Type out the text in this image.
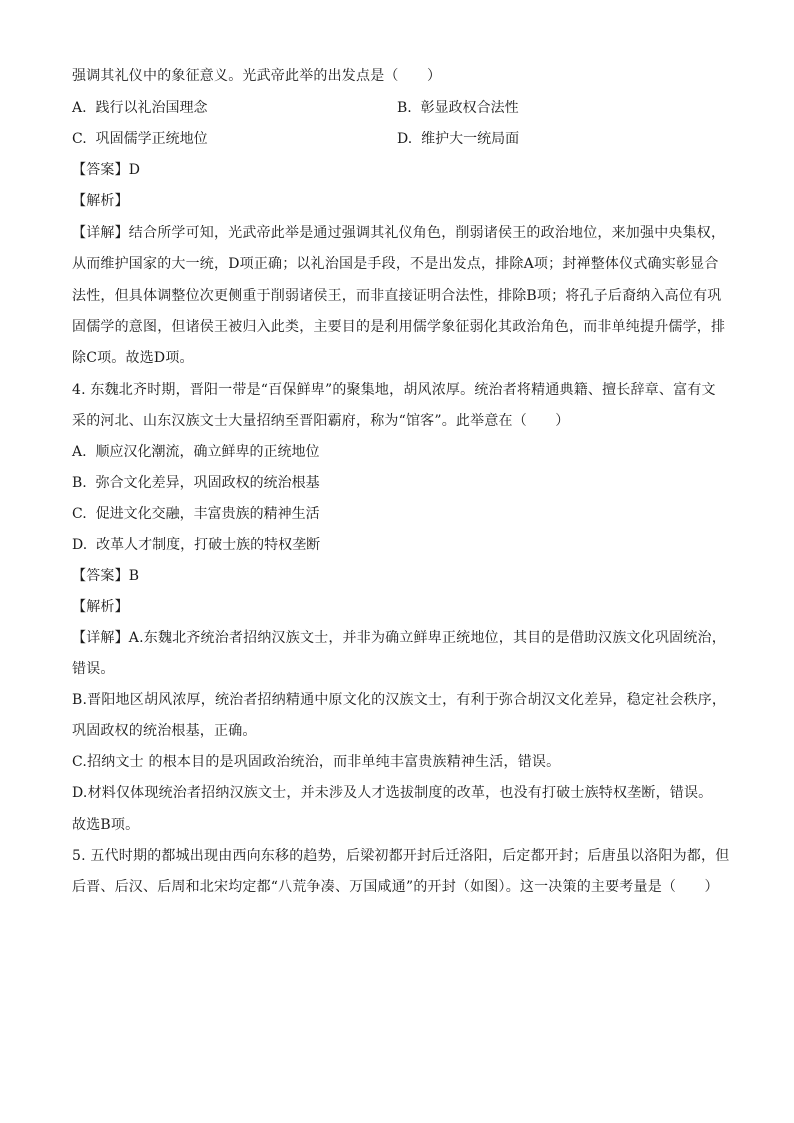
强调其礼仪中的象征意义。光武帝此举的出发点是（　　）
A. 践行以礼治国理念	B. 彰显政权合法性
C. 巩固儒学正统地位	D. 维护大一统局面
【答案】D
【解析】
【详解】结合所学可知，光武帝此举是通过强调其礼仪角色，削弱诸侯王的政治地位，来加强中央集权，
从而维护国家的大一统，D项正确；以礼治国是手段，不是出发点，排除A项；封禅整体仪式确实彰显合
法性，但具体调整位次更侧重于削弱诸侯王，而非直接证明合法性，排除B项；将孔子后裔纳入高位有巩
固儒学的意图，但诸侯王被归入此类，主要目的是利用儒学象征弱化其政治角色，而非单纯提升儒学，排
除C项。故选D项。
4. 东魏北齐时期，晋阳一带是“百保鲜卑”的聚集地，胡风浓厚。统治者将精通典籍、擅长辞章、富有文
采的河北、山东汉族文士大量招纳至晋阳霸府，称为“馆客”。此举意在（　　）
A. 顺应汉化潮流，确立鲜卑的正统地位
B. 弥合文化差异，巩固政权的统治根基
C. 促进文化交融，丰富贵族的精神生活
D. 改革人才制度，打破士族的特权垄断
【答案】B
【解析】
【详解】A.东魏北齐统治者招纳汉族文士，并非为确立鲜卑正统地位，其目的是借助汉族文化巩固统治，
错误。
B.晋阳地区胡风浓厚，统治者招纳精通中原文化的汉族文士，有利于弥合胡汉文化差异，稳定社会秩序，
巩固政权的统治根基，正确。
C.招纳文士 的根本目的是巩固政治统治，而非单纯丰富贵族精神生活，错误。
D.材料仅体现统治者招纳汉族文士，并未涉及人才选拔制度的改革，也没有打破士族特权垄断，错误。
故选B项。
5. 五代时期的都城出现由西向东移的趋势，后梁初都开封后迁洛阳，后定都开封；后唐虽以洛阳为都，但
后晋、后汉、后周和北宋均定都“八荒争凑、万国咸通”的开封（如图）。这一决策的主要考量是（　　）
